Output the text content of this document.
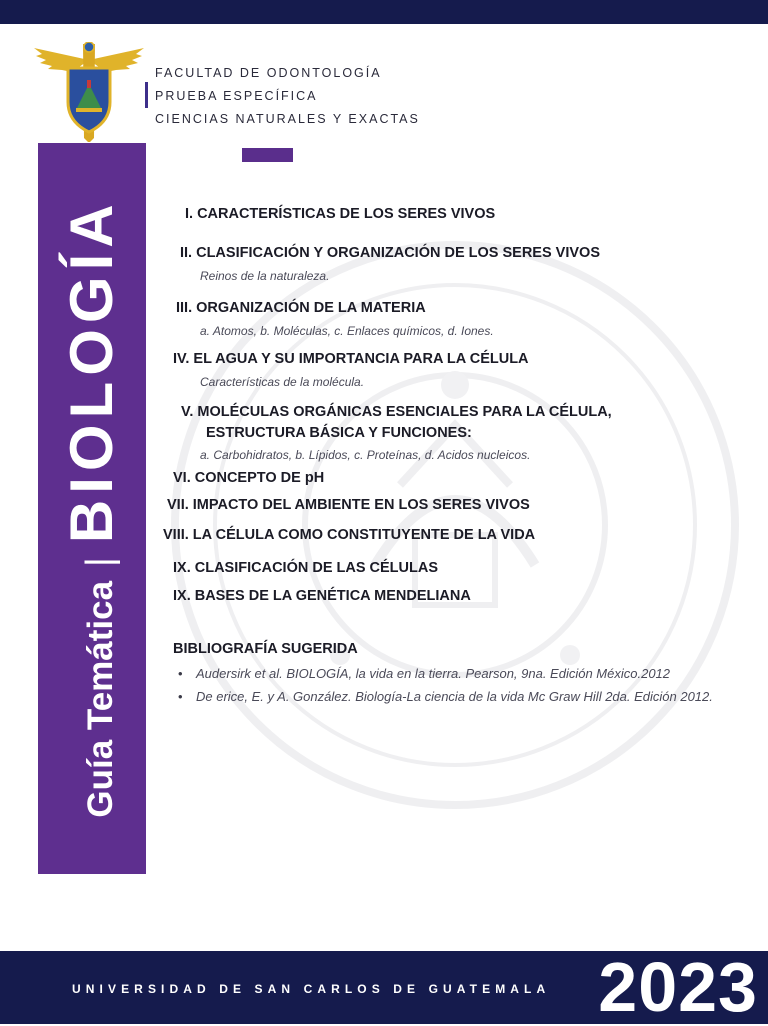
FACULTAD DE ODONTOLOGÍA
PRUEBA ESPECÍFICA
CIENCIAS NATURALES Y EXACTAS
Guía Temática|BIOLOGÍA	I. CARACTERÍSTICAS DE LOS SERES VIVOS
II. CLASIFICACIÓN Y ORGANIZACIÓN DE LOS SERES VIVOS
Reinos de la naturaleza.
III. ORGANIZACIÓN DE LA MATERIA
a. Atomos, b. Moléculas, c. Enlaces químicos, d. Iones.
IV. EL AGUA Y SU IMPORTANCIA PARA LA CÉLULA
Características de la molécula.
V. MOLÉCULAS ORGÁNICAS ESENCIALES PARA LA CÉLULA,
ESTRUCTURA BÁSICA Y FUNCIONES:
a. Carbohidratos, b. Lípidos, c. Proteínas, d. Acidos nucleicos.
VI. CONCEPTO DE pH
VII. IMPACTO DEL AMBIENTE EN LOS SERES VIVOS
VIII. LA CÉLULA COMO CONSTITUYENTE DE LA VIDA
IX. CLASIFICACIÓN DE LAS CÉLULAS
IX. BASES DE LA GENÉTICA MENDELIANA
BIBLIOGRAFÍA SUGERIDA
• Audersirk et al. BIOLOGÍA, la vida en la tierra. Pearson, 9na. Edición México.2012
• De erice, E. y A. González. Biología-La ciencia de la vida Mc Graw Hill 2da. Edición 2012.
UNIVERSIDAD DE SAN CARLOS DE GUATEMALA 2023
